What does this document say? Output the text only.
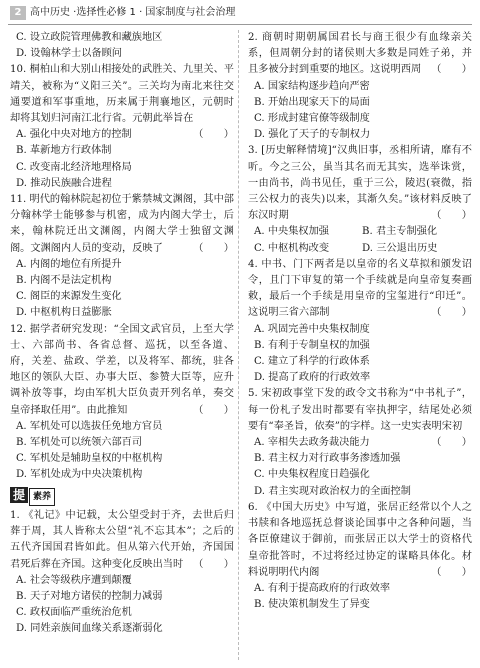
2 高中历史 ·选择性必修 1 · 国家制度与社会治理

C. 设立政院管理佛教和藏族地区

D. 设翰林学士以备顾问

10. 桐柏山和大别山相接处的武胜关、九里关、平靖关，被称为“义阳三关”。三关均为南北来往交通要道和军事重地，历来属于荆襄地区，元朝时却将其划归河南江北行省。元朝此举旨在
（　　）

A. 强化中央对地方的控制

B. 革新地方行政体制

C. 改变南北经济地理格局

D. 推动民族融合进程

11. 明代的翰林院起初位于紫禁城文渊阁，其中部分翰林学士能够参与机密，成为内阁大学士，后来，翰林院迁出文渊阁，内阁大学士独留文渊阁。文渊阁内人员的变动，反映了	（　　）

A. 内阁的地位有所提升

B. 内阁不是法定机构

C. 阁臣的来源发生变化

D. 中枢机构日益膨胀

12. 据学者研究发现：“全国文武官员，上至大学士、六部尚书、各省总督、巡抚，以至各道、府，关差、盐政、学差，以及将军、都统，驻各地区的领队大臣、办事大臣、参赞大臣等，应升调补放等事，均由军机大臣负责开列名单，奏交皇帝择取任用”。由此推知	（　　）

A. 军机处可以选拔任免地方官员

B. 军机处可以统领六部百司

C. 军机处是辅助皇权的中枢机构

D. 军机处成为中央决策机构

提 素养

1. 《礼记》中记载，太公望受封于齐，去世后归葬于周，其人皆称太公望“礼不忘其本”；之后的五代齐国国君皆如此。但从第六代开始，齐国国君死后葬在齐国。这种变化反映出当时 （　　）

A. 社会等级秩序遭到颠覆

B. 天子对地方诸侯的控制力减弱

C. 政权面临严重统治危机

D. 同姓亲族间血缘关系逐渐弱化

2. 商朝时期朝属国君长与商王很少有血缘亲关系，但周朝分封的诸侯则大多数是同姓子弟，并且多被分封到重要的地区。这说明西周 （　　）

A. 国家结构逐步趋向严密

B. 开始出现家天下的局面

C. 形成封建官僚等级制度

D. 强化了天子的专制权力

3. [历史解释情境]“汉典旧事，丞相所请，靡有不听。今之三公，虽当其名而无其实，选举诛赏，一由尚书，尚书见任，重于三公，陵迟(衰微，指三公权力的丧失)以来，其渐久矣。”该材料反映了东汉时期	（　　）

A. 中央集权加强	B. 君主专制强化

C. 中枢机构改变	D. 三公退出历史

4. 中书、门下两者是以皇帝的名义草拟和颁发诏令，且门下审复的第一个手续就是向皇帝复奏画敕，最后一个手续是用皇帝的宝玺进行“印迁”。这说明三省六部制	（　　）

A. 巩固完善中央集权制度

B. 有利于专制皇权的加强

C. 建立了科学的行政体系

D. 提高了政府的行政效率

5. 宋初政事堂下发的政令文书称为“中书札子”，每一份札子发出时都要有宰执押字，结尾处必须要有“奉圣旨，依奏”的字样。这一史实表明宋初
（　　）

A. 宰相失去政务裁决能力

B. 君主权力对行政事务渗透加强

C. 中央集权程度日趋强化

D. 君主实现对政治权力的全面控制

6. 《中国大历史》中写道，张居正经常以个人之书牍和各地巡抚总督谈论国事中之各种问题，当各臣僚建议于御前，而张居正以大学士的资格代皇帝批答时，不过将经过协定的谋略具体化。材料说明明代内阁	（　　）

A. 有利于提高政府的行政效率

B. 使决策机制发生了异变
